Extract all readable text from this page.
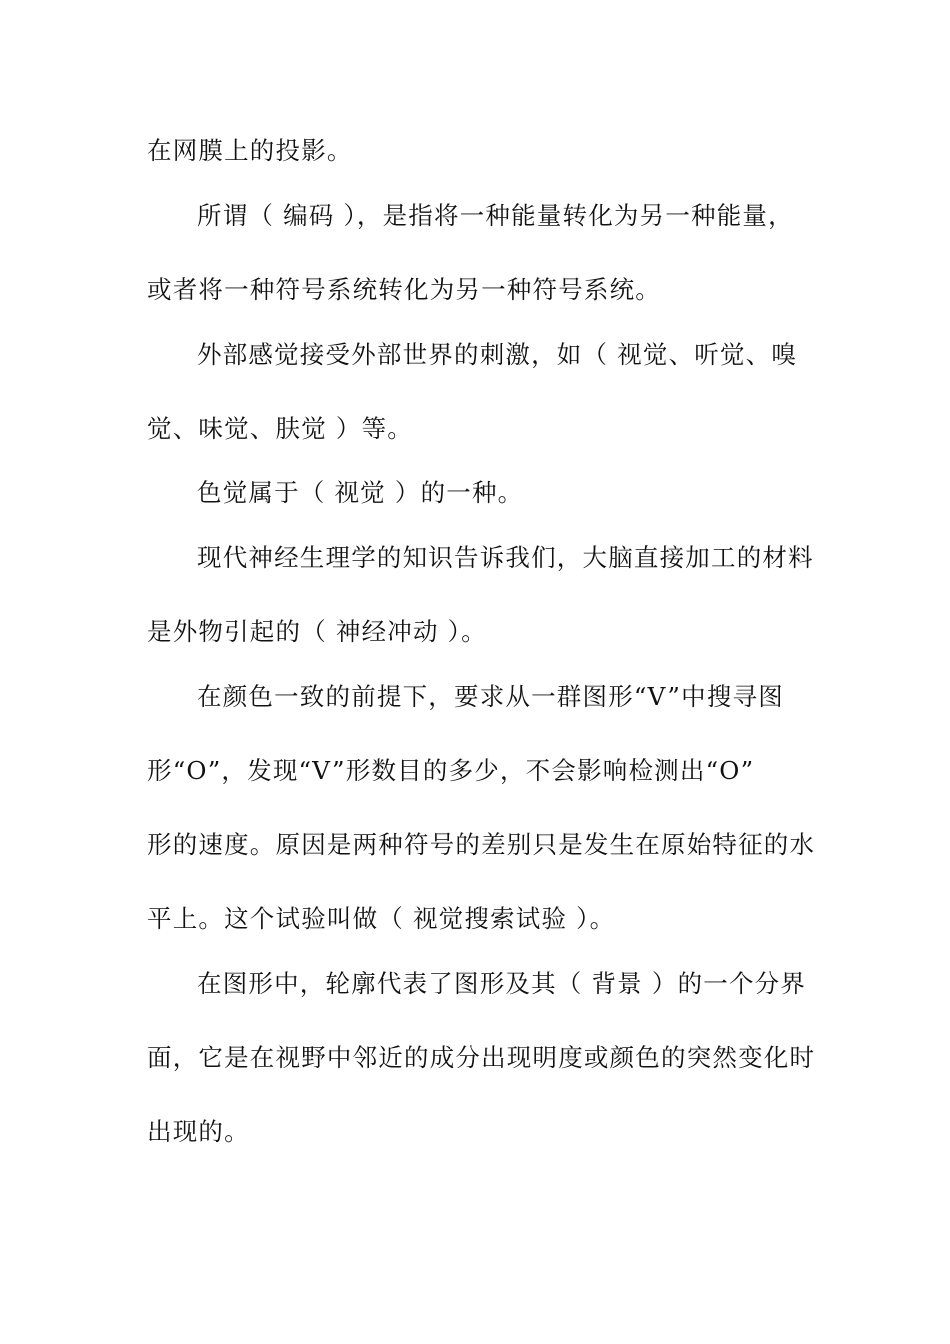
在网膜上的投影。
所谓（ 编码 ），是指将一种能量转化为另一种能量，
或者将一种符号系统转化为另一种符号系统。
外部感觉接受外部世界的刺激，如（ 视觉、听觉、嗅
觉、味觉、肤觉 ）等。
色觉属于（ 视觉 ）的一种。
现代神经生理学的知识告诉我们，大脑直接加工的材料
是外物引起的（ 神经冲动 ）。
在颜色一致的前提下，要求从一群图形“V”中搜寻图
形“O”，发现“V”形数目的多少，不会影响检测出“O”
形的速度。原因是两种符号的差别只是发生在原始特征的水
平上。这个试验叫做（ 视觉搜索试验 ）。
在图形中，轮廓代表了图形及其（ 背景 ）的一个分界
面，它是在视野中邻近的成分出现明度或颜色的突然变化时
出现的。
